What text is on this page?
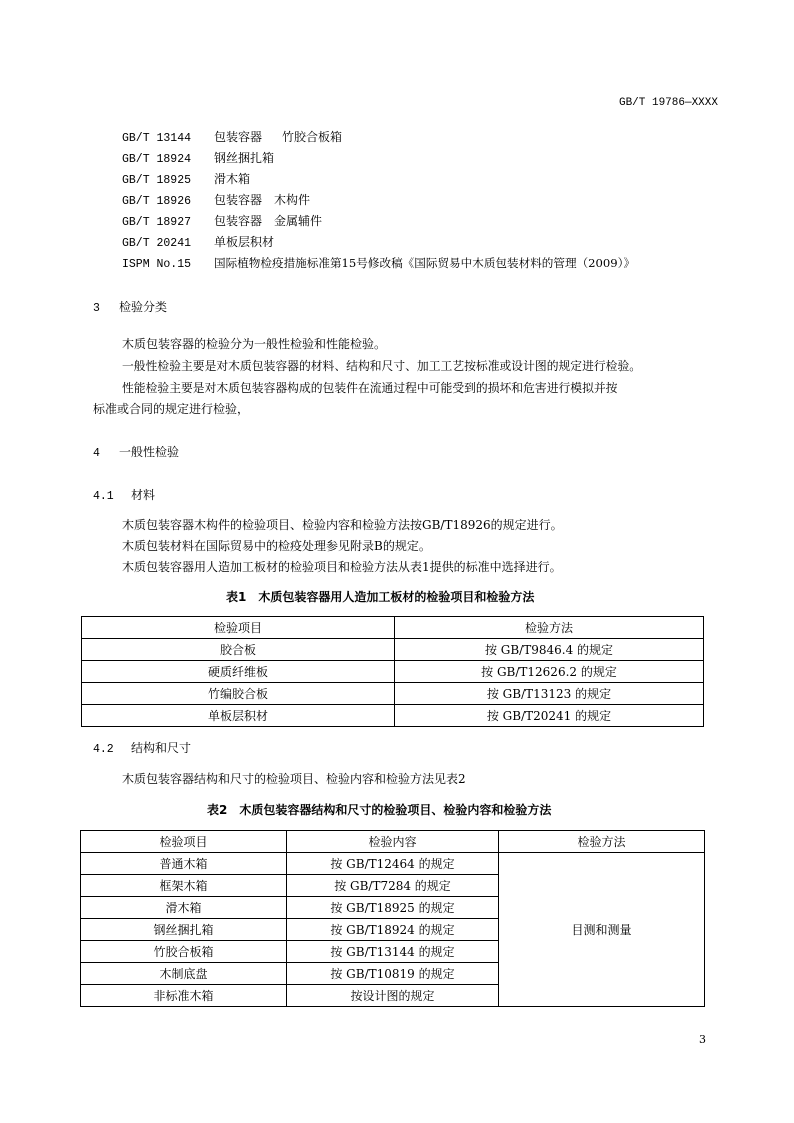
GB/T 19786—XXXX
GB/T 13144 包装容器 竹胶合板箱
GB/T 18924 钢丝捆扎箱
GB/T 18925 滑木箱
GB/T 18926 包装容器 木构件
GB/T 18927 包装容器 金属辅件
GB/T 20241 单板层积材
ISPM No.15 国际植物检疫措施标准第15号修改稿《国际贸易中木质包装材料的管理（2009）》
3 检验分类
木质包装容器的检验分为一般性检验和性能检验。
一般性检验主要是对木质包装容器的材料、结构和尺寸、加工工艺按标准或设计图的规定进行检验。
性能检验主要是对木质包装容器构成的包装件在流通过程中可能受到的损坏和危害进行模拟并按
标准或合同的规定进行检验，
4 一般性检验
4.1 材料
木质包装容器木构件的检验项目、检验内容和检验方法按GB/T18926的规定进行。
木质包装材料在国际贸易中的检疫处理参见附录B的规定。
木质包装容器用人造加工板材的检验项目和检验方法从表1提供的标准中选择进行。
表1　木质包装容器用人造加工板材的检验项目和检验方法
检验项目	检验方法
胶合板	按 GB/T9846.4 的规定
硬质纤维板	按 GB/T12626.2 的规定
竹编胶合板	按 GB/T13123 的规定
单板层积材	按 GB/T20241 的规定
4.2 结构和尺寸
木质包装容器结构和尺寸的检验项目、检验内容和检验方法见表2
表2　木质包装容器结构和尺寸的检验项目、检验内容和检验方法
检验项目	检验内容	检验方法
普通木箱	按 GB/T12464 的规定	目测和测量
框架木箱	按 GB/T7284 的规定	
滑木箱	按 GB/T18925 的规定	
钢丝捆扎箱	按 GB/T18924 的规定	
竹胶合板箱	按 GB/T13144 的规定	
木制底盘	按 GB/T10819 的规定	
非标准木箱	按设计图的规定	
3
